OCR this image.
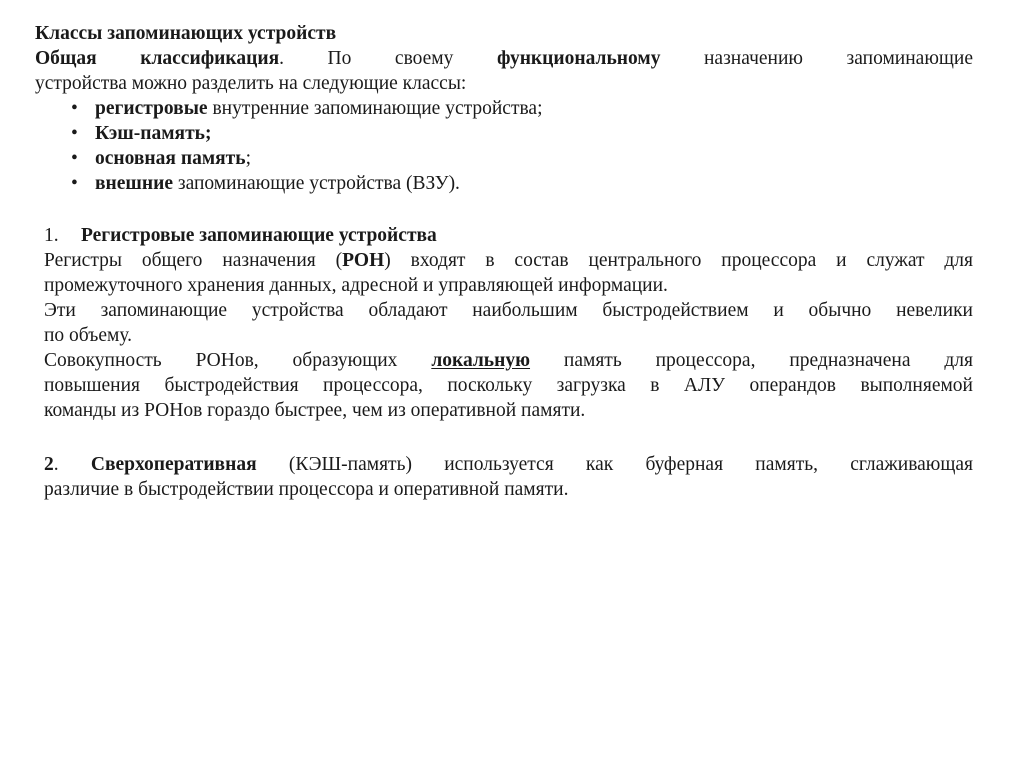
Классы запоминающих устройств
Общая классификация. По своему функциональному назначению запоминающие
устройства можно разделить на следующие классы:
• регистровые внутренние запоминающие устройства;
• Кэш-память;
• основная память;
• внешние запоминающие устройства (ВЗУ).
1. Регистровые запоминающие устройства
Регистры общего назначения (РОН) входят в состав центрального процессора и служат для
промежуточного хранения данных, адресной и управляющей информации.
Эти запоминающие устройства обладают наибольшим быстродействием и обычно невелики
по объему.
Совокупность РОНов, образующих локальную память процессора, предназначена для
повышения быстродействия процессора, поскольку загрузка в АЛУ операндов выполняемой
команды из РОНов гораздо быстрее, чем из оперативной памяти.
2. Сверхоперативная (КЭШ-память) используется как буферная память, сглаживающая
различие в быстродействии процессора и оперативной памяти.
